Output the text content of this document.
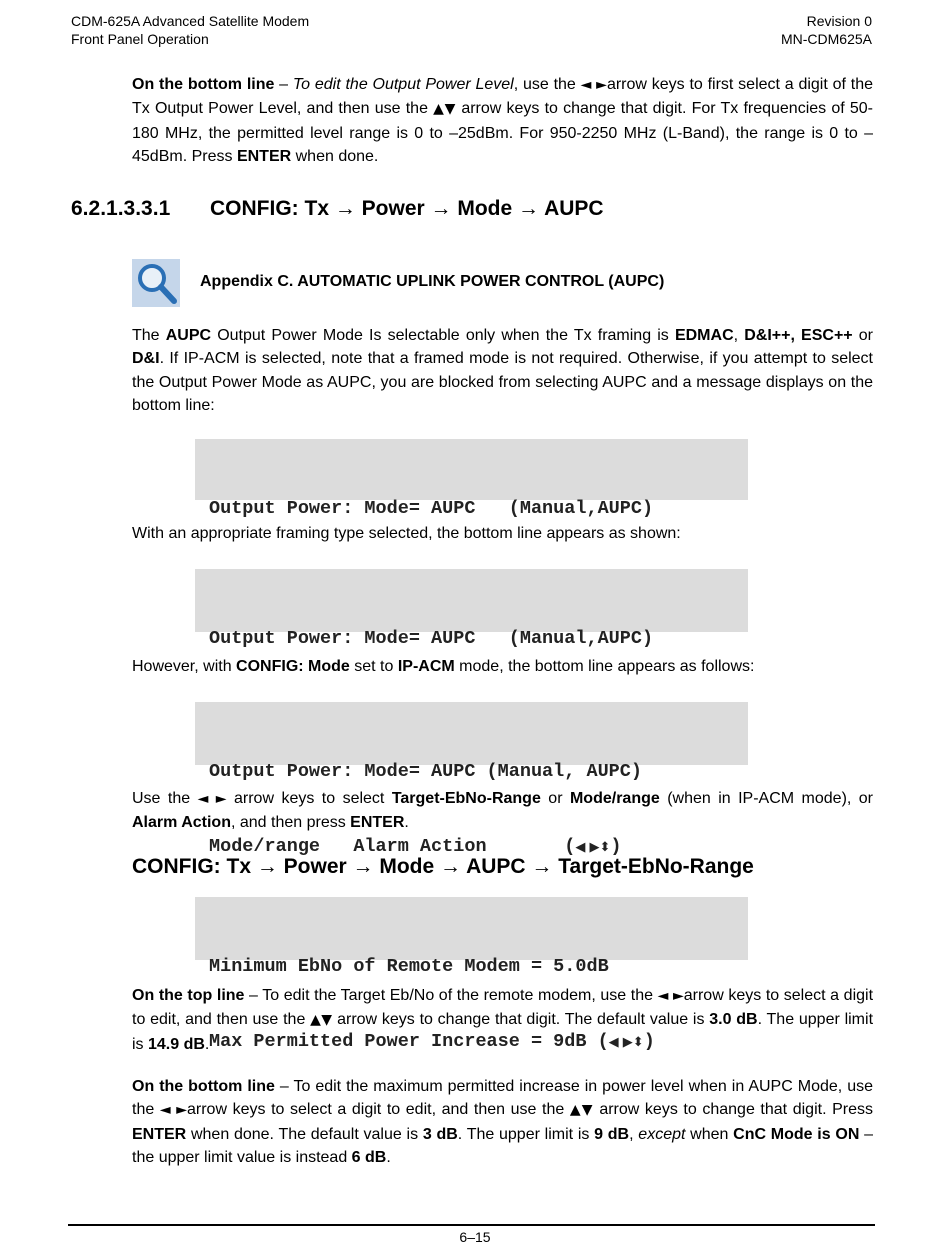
CDM-625A Advanced Satellite Modem
Front Panel Operation
Revision 0
MN-CDM625A
On the bottom line – To edit the Output Power Level, use the ◄ ►arrow keys to first select a digit of the Tx Output Power Level, and then use the ▲▼ arrow keys to change that digit. For Tx frequencies of 50-180 MHz, the permitted level range is 0 to –25dBm. For 950-2250 MHz (L-Band), the range is 0 to –45dBm. Press ENTER when done.
6.2.1.3.3.1 CONFIG: Tx → Power → Mode → AUPC
Appendix C. AUTOMATIC UPLINK POWER CONTROL (AUPC)
The AUPC Output Power Mode Is selectable only when the Tx framing is EDMAC, D&I++, ESC++ or D&I. If IP-ACM is selected, note that a framed mode is not required. Otherwise, if you attempt to select the Output Power Mode as AUPC, you are blocked from selecting AUPC and a message displays on the bottom line:

Output Power: Mode= AUPC   (Manual,AUPC)

With an appropriate framing type selected, the bottom line appears as shown:

Output Power: Mode= AUPC   (Manual,AUPC)

However, with CONFIG: Mode set to IP-ACM mode, the bottom line appears as follows:

Output Power: Mode= AUPC (Manual, AUPC)

Mode/range   Alarm Action       (◀ ▶⬍)

Use the ◄ ► arrow keys to select Target-EbNo-Range or Mode/range (when in IP-ACM mode), or Alarm Action, and then press ENTER.
CONFIG: Tx → Power → Mode → AUPC → Target-EbNo-Range

Minimum EbNo of Remote Modem = 5.0dB

Max Permitted Power Increase = 9dB (◀ ▶⬍)

On the top line – To edit the Target Eb/No of the remote modem, use the ◄ ►arrow keys to select a digit to edit, and then use the ▲▼ arrow keys to change that digit. The default value is 3.0 dB. The upper limit is 14.9 dB.
On the bottom line – To edit the maximum permitted increase in power level when in AUPC Mode, use the ◄ ►arrow keys to select a digit to edit, and then use the ▲▼ arrow keys to change that digit. Press ENTER when done. The default value is 3 dB. The upper limit is 9 dB, except when CnC Mode is ON – the upper limit value is instead 6 dB.
6–15
